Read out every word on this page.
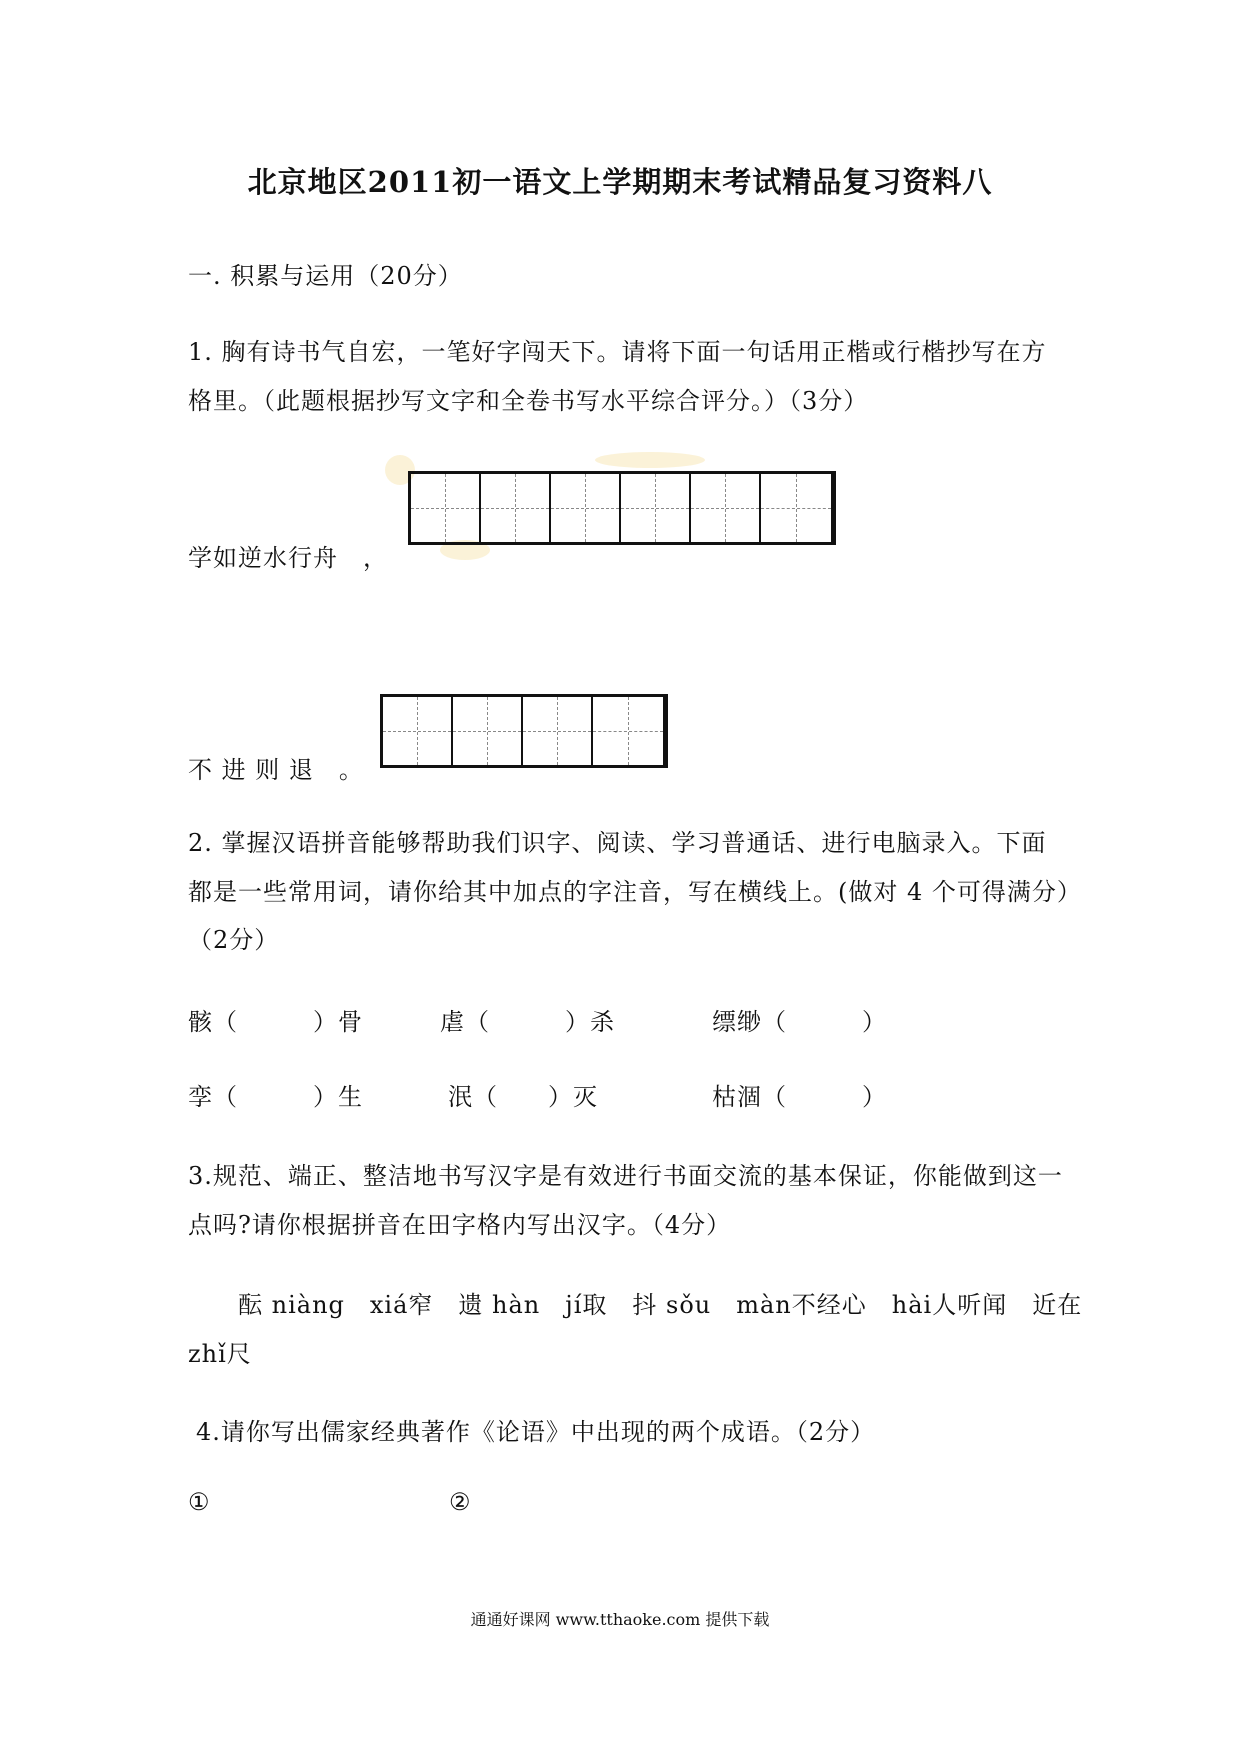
北京地区2011初一语文上学期期末考试精品复习资料八
一. 积累与运用（20分）
1. 胸有诗书气自宏，一笔好字闯天下。请将下面一句话用正楷或行楷抄写在方
格里。（此题根据抄写文字和全卷书写水平综合评分。）（3分）
学如逆水行舟　，
不 进 则 退　。
2. 掌握汉语拼音能够帮助我们识字、阅读、学习普通话、进行电脑录入。下面
都是一些常用词，请你给其中加点的字注音，写在横线上。(做对 4 个可得满分）
（2分）
骸（　　　）骨	虐（　　　）杀	缥缈（　　　）
孪（　　　）生	泯（　　）灭	枯涸（　　　）
3.规范、端正、整洁地书写汉字是有效进行书面交流的基本保证，你能做到这一
点吗?请你根据拼音在田字格内写出汉字。（4分）
酝 niàng　xiá窄　遗 hàn　jí取　抖 sǒu　màn不经心　hài人听闻　近在
zhǐ尺
4.请你写出儒家经典著作《论语》中出现的两个成语。（2分）
①	②
通通好课网 www.tthaoke.com 提供下载
